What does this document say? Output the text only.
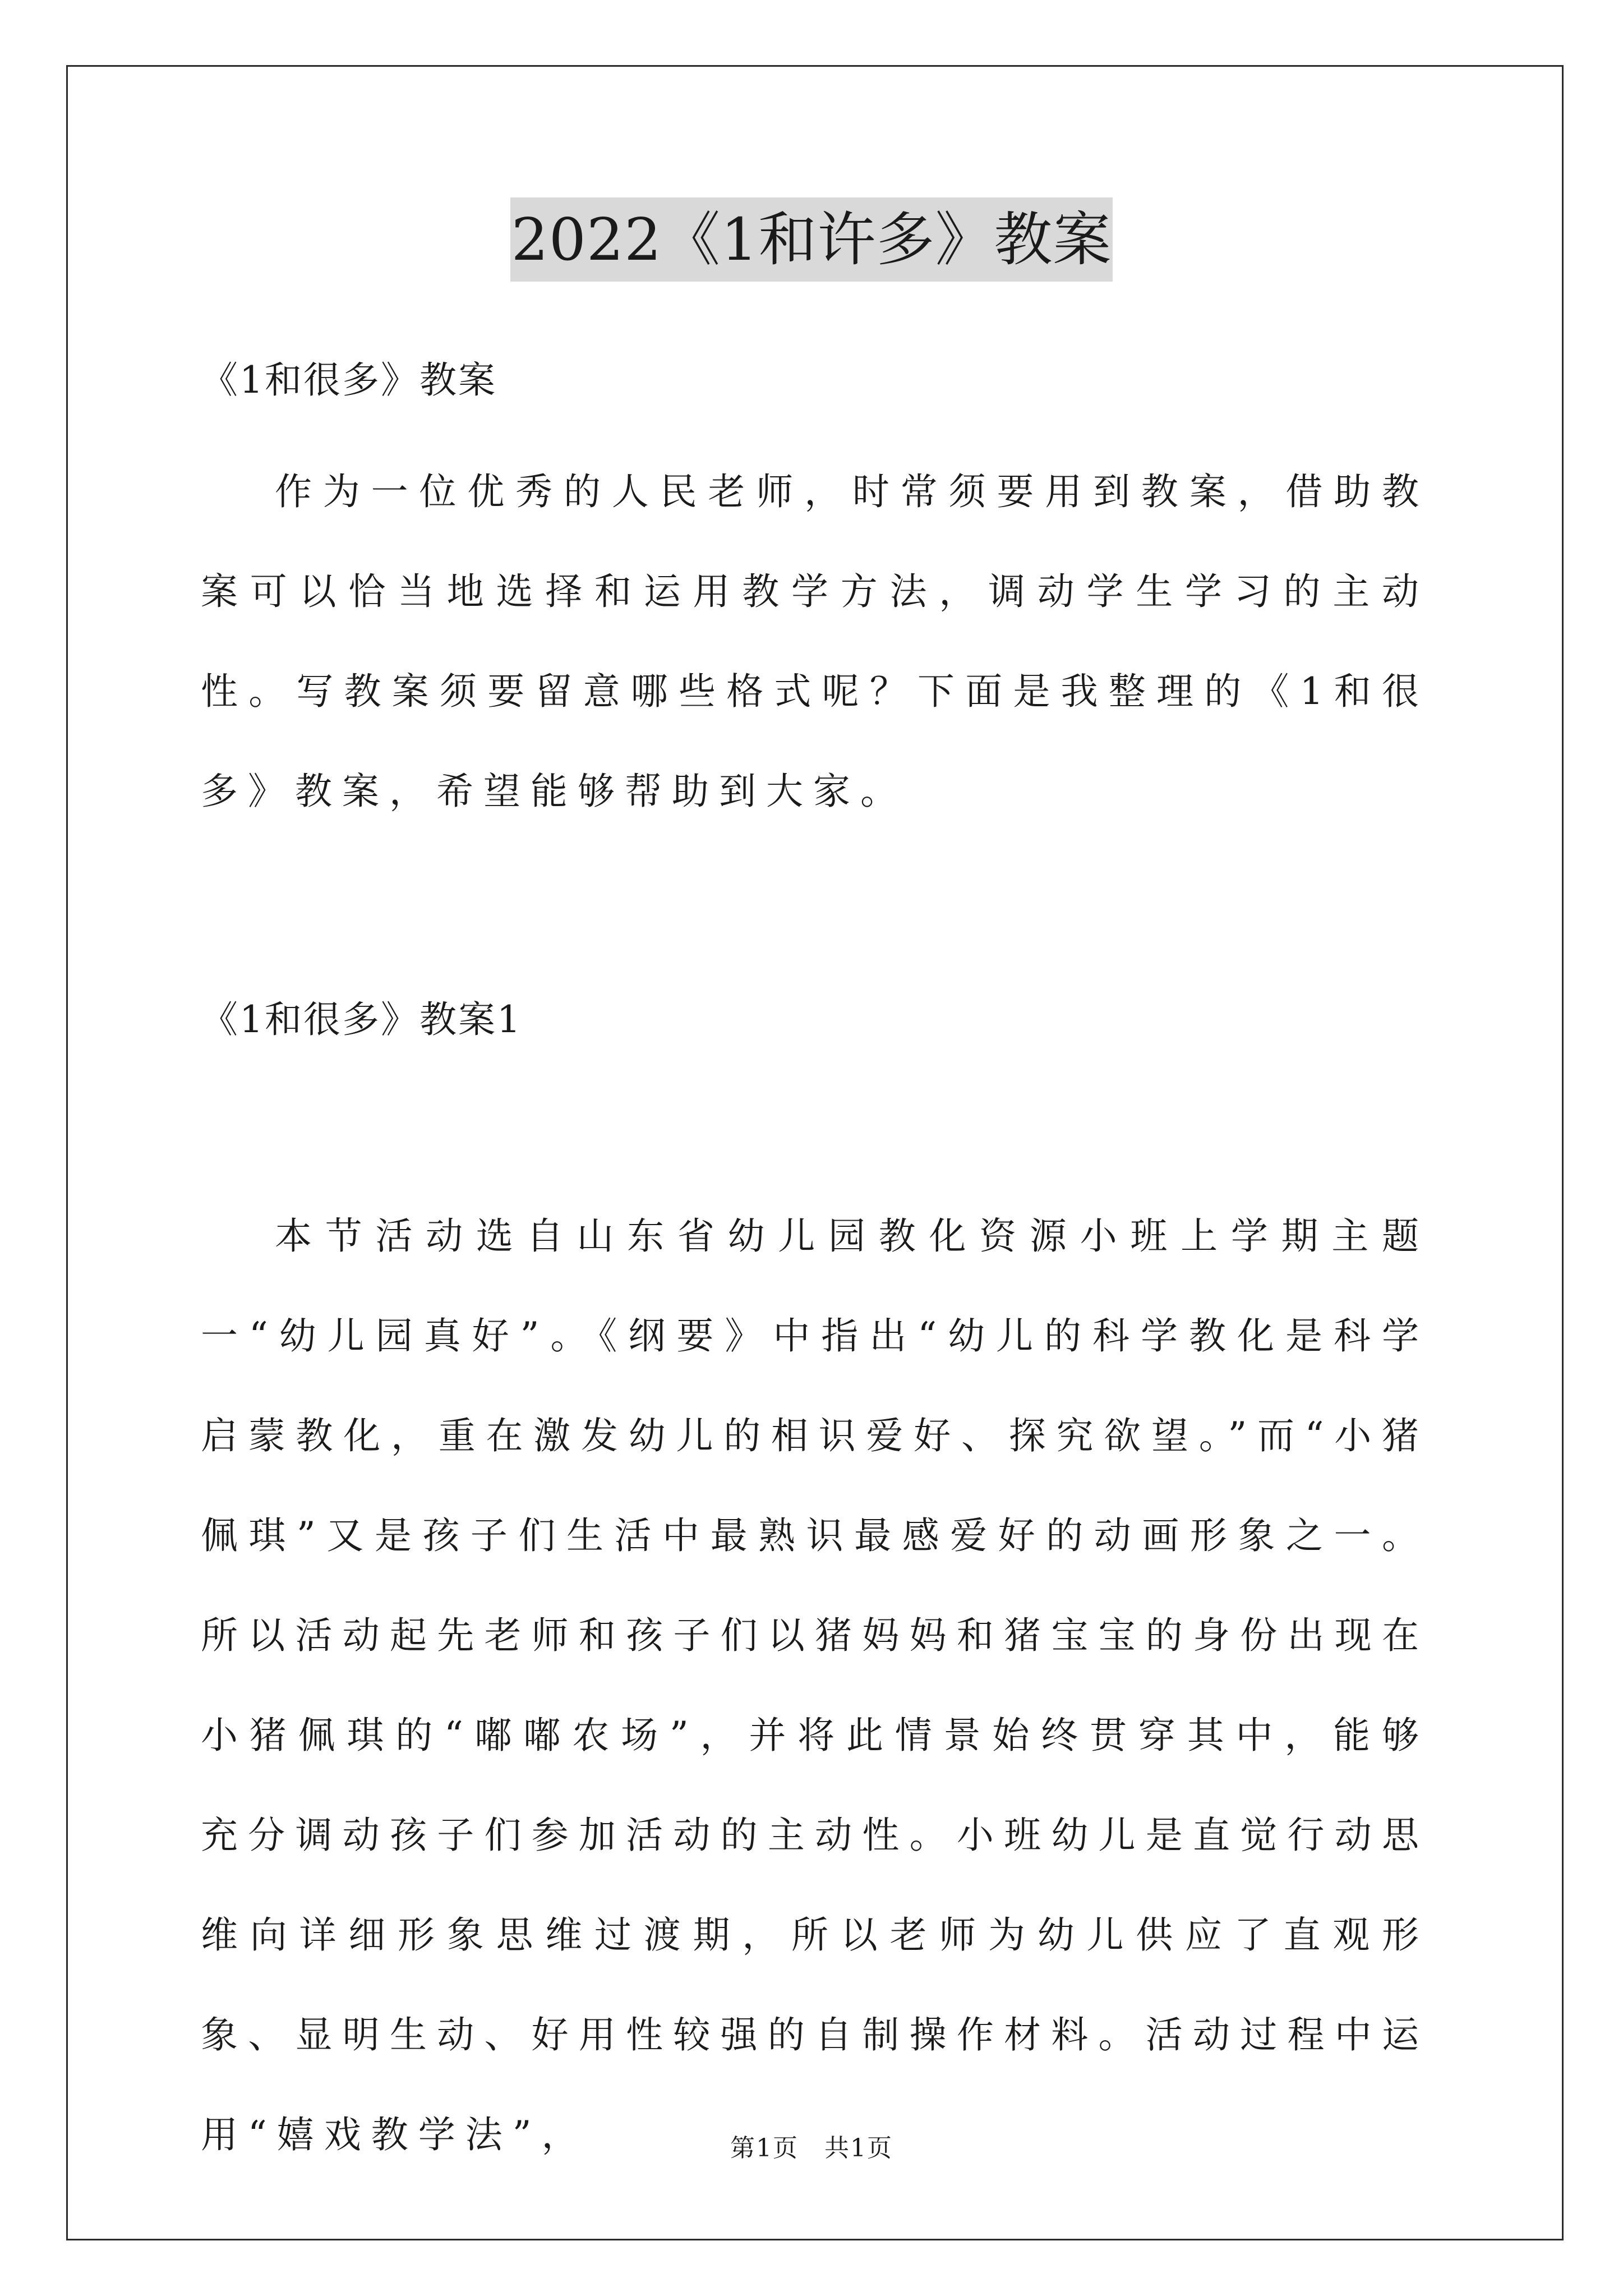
2022《1和许多》教案
《1和很多》教案

作为一位优秀的人民老师，时常须要用到教案，借助教案可以恰当地选择和运用教学方法，调动学生学习的主动性。写教案须要留意哪些格式呢？下面是我整理的《1和很多》教案，希望能够帮助到大家。

《1和很多》教案1

本节活动选自山东省幼儿园教化资源小班上学期主题一“幼儿园真好”。《纲要》中指出“幼儿的科学教化是科学启蒙教化，重在激发幼儿的相识爱好、探究欲望。”而“小猪佩琪”又是孩子们生活中最熟识最感爱好的动画形象之一。所以活动起先老师和孩子们以猪妈妈和猪宝宝的身份出现在小猪佩琪的“嘟嘟农场”，并将此情景始终贯穿其中，能够充分调动孩子们参加活动的主动性。小班幼儿是直觉行动思维向详细形象思维过渡期，所以老师为幼儿供应了直观形象、显明生动、好用性较强的自制操作材料。活动过程中运用“嬉戏教学法”，	第1页　共1页
